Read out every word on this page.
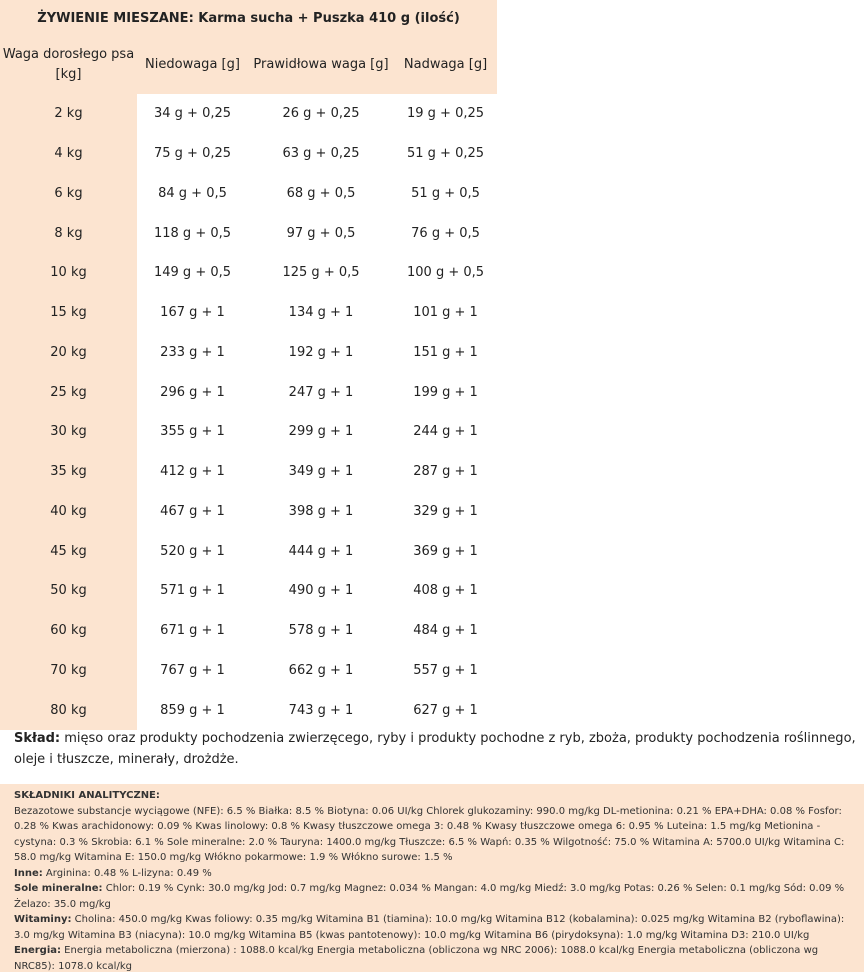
ŻYWIENIE MIESZANE: Karma sucha + Puszka 410 g (ilość)			
Waga dorosłego psa [kg]	Niedowaga [g]	Prawidłowa waga [g]	Nadwaga [g]
2 kg	34 g + 0,25	26 g + 0,25	19 g + 0,25
4 kg	75 g + 0,25	63 g + 0,25	51 g + 0,25
6 kg	84 g + 0,5	68 g + 0,5	51 g + 0,5
8 kg	118 g + 0,5	97 g + 0,5	76 g + 0,5
10 kg	149 g + 0,5	125 g + 0,5	100 g + 0,5
15 kg	167 g + 1	134 g + 1	101 g + 1
20 kg	233 g + 1	192 g + 1	151 g + 1
25 kg	296 g + 1	247 g + 1	199 g + 1
30 kg	355 g + 1	299 g + 1	244 g + 1
35 kg	412 g + 1	349 g + 1	287 g + 1
40 kg	467 g + 1	398 g + 1	329 g + 1
45 kg	520 g + 1	444 g + 1	369 g + 1
50 kg	571 g + 1	490 g + 1	408 g + 1
60 kg	671 g + 1	578 g + 1	484 g + 1
70 kg	767 g + 1	662 g + 1	557 g + 1
80 kg	859 g + 1	743 g + 1	627 g + 1
Skład: mięso oraz produkty pochodzenia zwierzęcego, ryby i produkty pochodne z ryb, zboża, produkty pochodzenia roślinnego, oleje i tłuszcze, minerały, drożdże.

SKŁADNIKI ANALITYCZNE:

Bezazotowe substancje wyciągowe (NFE): 6.5 % Białka: 8.5 % Biotyna: 0.06 UI/kg Chlorek glukozaminy: 990.0 mg/kg DL-metionina: 0.21 % EPA+DHA: 0.08 % Fosfor: 0.28 % Kwas arachidonowy: 0.09 % Kwas linolowy: 0.8 % Kwasy tłuszczowe omega 3: 0.48 % Kwasy tłuszczowe omega 6: 0.95 % Luteina: 1.5 mg/kg Metionina - cystyna: 0.3 % Skrobia: 6.1 % Sole mineralne: 2.0 % Tauryna: 1400.0 mg/kg Tłuszcze: 6.5 % Wapń: 0.35 % Wilgotność: 75.0 % Witamina A: 5700.0 UI/kg Witamina C: 58.0 mg/kg Witamina E: 150.0 mg/kg Włókno pokarmowe: 1.9 % Włókno surowe: 1.5 %

Inne: Arginina: 0.48 % L-lizyna: 0.49 %

Sole mineralne: Chlor: 0.19 % Cynk: 30.0 mg/kg Jod: 0.7 mg/kg Magnez: 0.034 % Mangan: 4.0 mg/kg Miedź: 3.0 mg/kg Potas: 0.26 % Selen: 0.1 mg/kg Sód: 0.09 % Żelazo: 35.0 mg/kg

Witaminy: Cholina: 450.0 mg/kg Kwas foliowy: 0.35 mg/kg Witamina B1 (tiamina): 10.0 mg/kg Witamina B12 (kobalamina): 0.025 mg/kg Witamina B2 (ryboflawina): 3.0 mg/kg Witamina B3 (niacyna): 10.0 mg/kg Witamina B5 (kwas pantotenowy): 10.0 mg/kg Witamina B6 (pirydoksyna): 1.0 mg/kg Witamina D3: 210.0 UI/kg

Energia: Energia metaboliczna (mierzona) : 1088.0 kcal/kg Energia metaboliczna (obliczona wg NRC 2006): 1088.0 kcal/kg Energia metaboliczna (obliczona wg NRC85): 1078.0 kcal/kg
